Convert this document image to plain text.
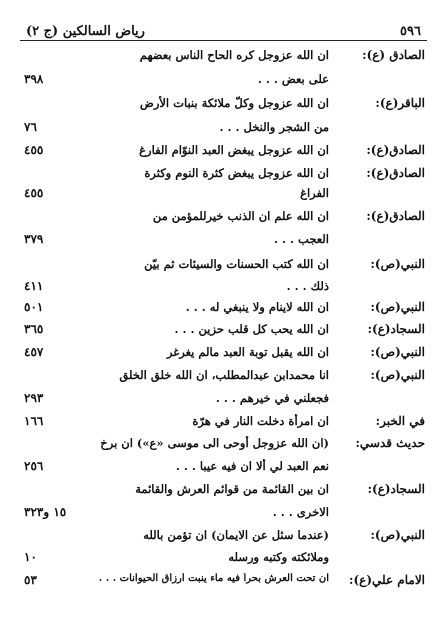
٥٩٦
رياض السالكين (ج ٢)
الصادق (ع):
ان الله عزوجل كره الحاح الناس بعضهم
على بعض . . .
٣٩٨
الباقر(ع):
ان الله عزوجل وكلّ ملائكة بنبات الأرض
من الشجر والنخل . . .
٧٦
الصادق(ع):
ان الله عزوجل يبغض العبد النوّام الفارغ
٤٥٥
الصادق(ع):
ان الله عزوجل يبغض كثرة النوم وكثرة
الفراغ
٤٥٥
الصادق(ع):
ان الله علم ان الذنب خيرللمؤمن من
العجب . . .
٣٧٩
النبي(ص):
ان الله كتب الحسنات والسيئات ثم بيّن
ذلك . . .
٤١١
النبي(ص):
ان الله لاينام ولا ينبغي له . . .
٥٠١
السجاد(ع):
ان الله يحب كل قلب حزين . . .
٣٦٥
النبي(ص):
ان الله يقبل توبة العبد مالم يغرغر
٤٥٧
النبي(ص):
انا محمدابن عبدالمطلب، ان الله خلق الخلق
فجعلني في خيرهم . . .
٢٩٣
في الخبر:
ان امرأة دخلت النار في هرّة
١٦٦
حديث قدسي:
(ان الله عزوجل أوحى الى موسى «ع») ان برخ
نعم العبد لي ألا ان فيه عيبا . . .
٢٥٦
السجاد(ع):
ان بين القائمة من قوائم العرش والقائمة
الاخرى . . .
١٥ و٣٢٣
النبي(ص):
(عندما سئل عن الايمان) ان تؤمن بالله
وملائكته وكتبه ورسله
١٠
الامام علي(ع):
ان تحت العرش بحراً فيه ماء ينبت ارزاق الحيوانات . . .
٥٣
